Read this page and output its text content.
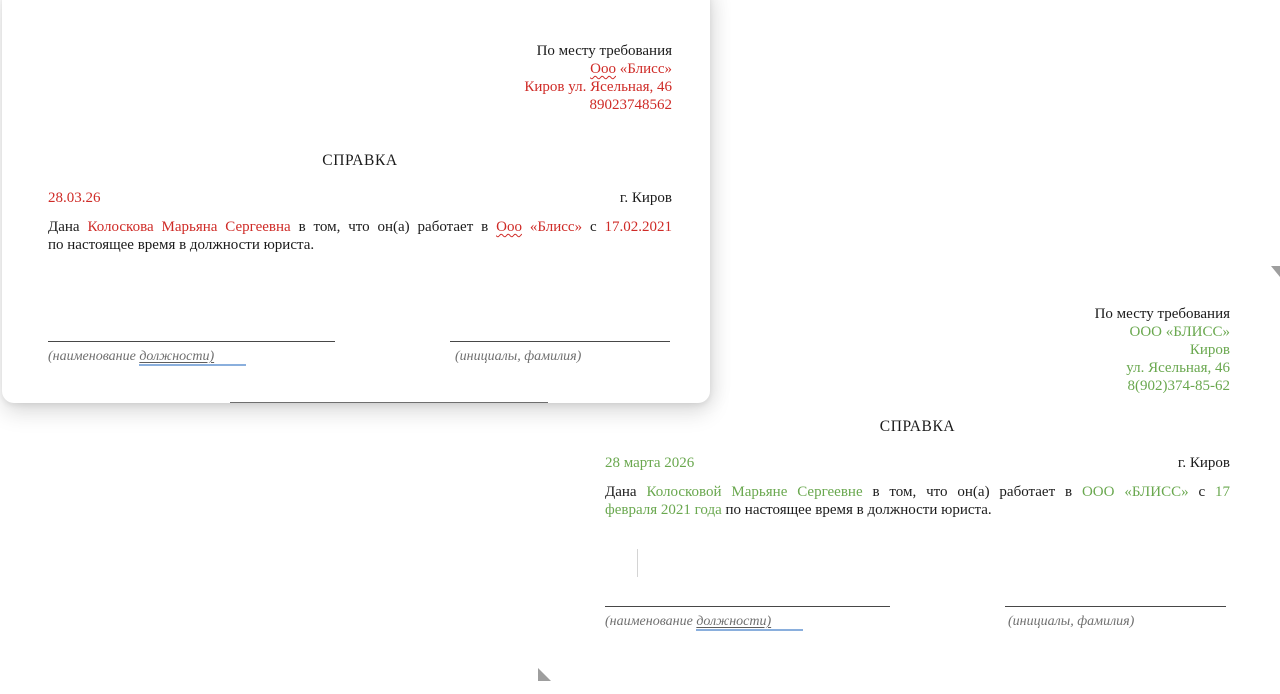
По месту требования
ООО «БЛИСС»
Киров
ул. Ясельная, 46
8(902)374-85-62
СПРАВКА
28 марта 2026	г. Киров
Дана Колосковой Марьяне Сергеевне в том, что он(а) работает в ООО «БЛИСС» с 17
февраля 2021 года по настоящее время в должности юриста.
(наименование должности)	(инициалы, фамилия)
По месту требования
Ооо «Блисс»
Киров ул. Ясельная, 46
89023748562
СПРАВКА
28.03.26	г. Киров
Дана Колоскова Марьяна Сергеевна в том, что он(а) работает в Ооо «Блисс» с 17.02.2021
по настоящее время в должности юриста.
(наименование должности)	(инициалы, фамилия)
